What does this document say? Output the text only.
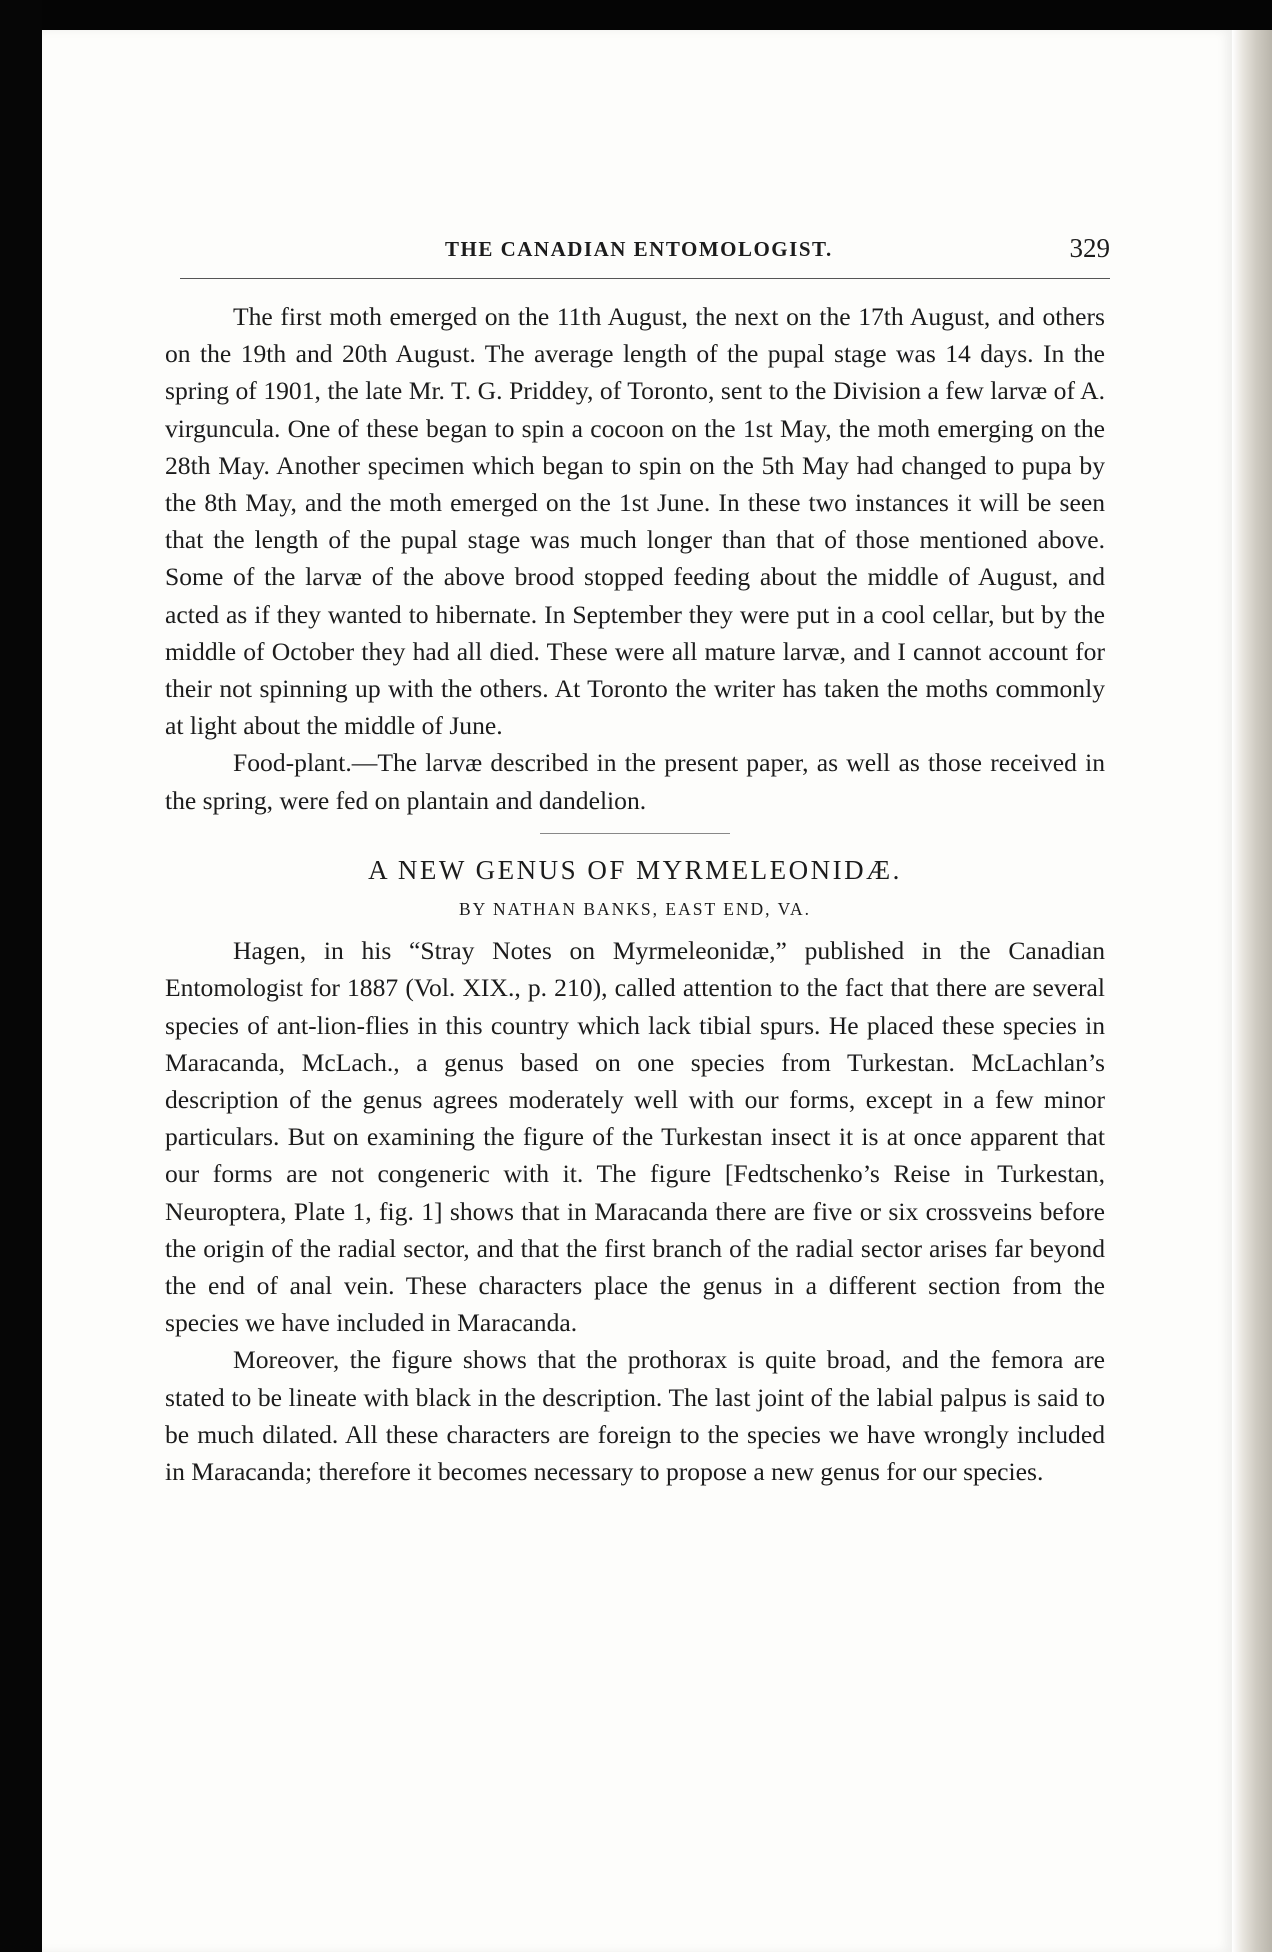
THE CANADIAN ENTOMOLOGIST.	329

The first moth emerged on the 11th August, the next on the 17th August, and others on the 19th and 20th August. The average length of the pupal stage was 14 days. In the spring of 1901, the late Mr. T. G. Priddey, of Toronto, sent to the Division a few larvæ of A. virguncula. One of these began to spin a cocoon on the 1st May, the moth emerging on the 28th May. Another specimen which began to spin on the 5th May had changed to pupa by the 8th May, and the moth emerged on the 1st June. In these two instances it will be seen that the length of the pupal stage was much longer than that of those mentioned above. Some of the larvæ of the above brood stopped feeding about the middle of August, and acted as if they wanted to hibernate. In September they were put in a cool cellar, but by the middle of October they had all died. These were all mature larvæ, and I cannot account for their not spinning up with the others. At Toronto the writer has taken the moths commonly at light about the middle of June.

Food-plant.—The larvæ described in the present paper, as well as those received in the spring, were fed on plantain and dandelion.

A NEW GENUS OF MYRMELEONIDÆ.
BY NATHAN BANKS, EAST END, VA.

Hagen, in his “Stray Notes on Myrmeleonidæ,” published in the Canadian Entomologist for 1887 (Vol. XIX., p. 210), called attention to the fact that there are several species of ant-lion-flies in this country which lack tibial spurs. He placed these species in Maracanda, McLach., a genus based on one species from Turkestan. McLachlan’s description of the genus agrees moderately well with our forms, except in a few minor particulars. But on examining the figure of the Turkestan insect it is at once apparent that our forms are not congeneric with it. The figure [Fedtschenko’s Reise in Turkestan, Neuroptera, Plate 1, fig. 1] shows that in Maracanda there are five or six crossveins before the origin of the radial sector, and that the first branch of the radial sector arises far beyond the end of anal vein. These characters place the genus in a different section from the species we have included in Maracanda.

Moreover, the figure shows that the prothorax is quite broad, and the femora are stated to be lineate with black in the description. The last joint of the labial palpus is said to be much dilated. All these characters are foreign to the species we have wrongly included in Maracanda; therefore it becomes necessary to propose a new genus for our species.
